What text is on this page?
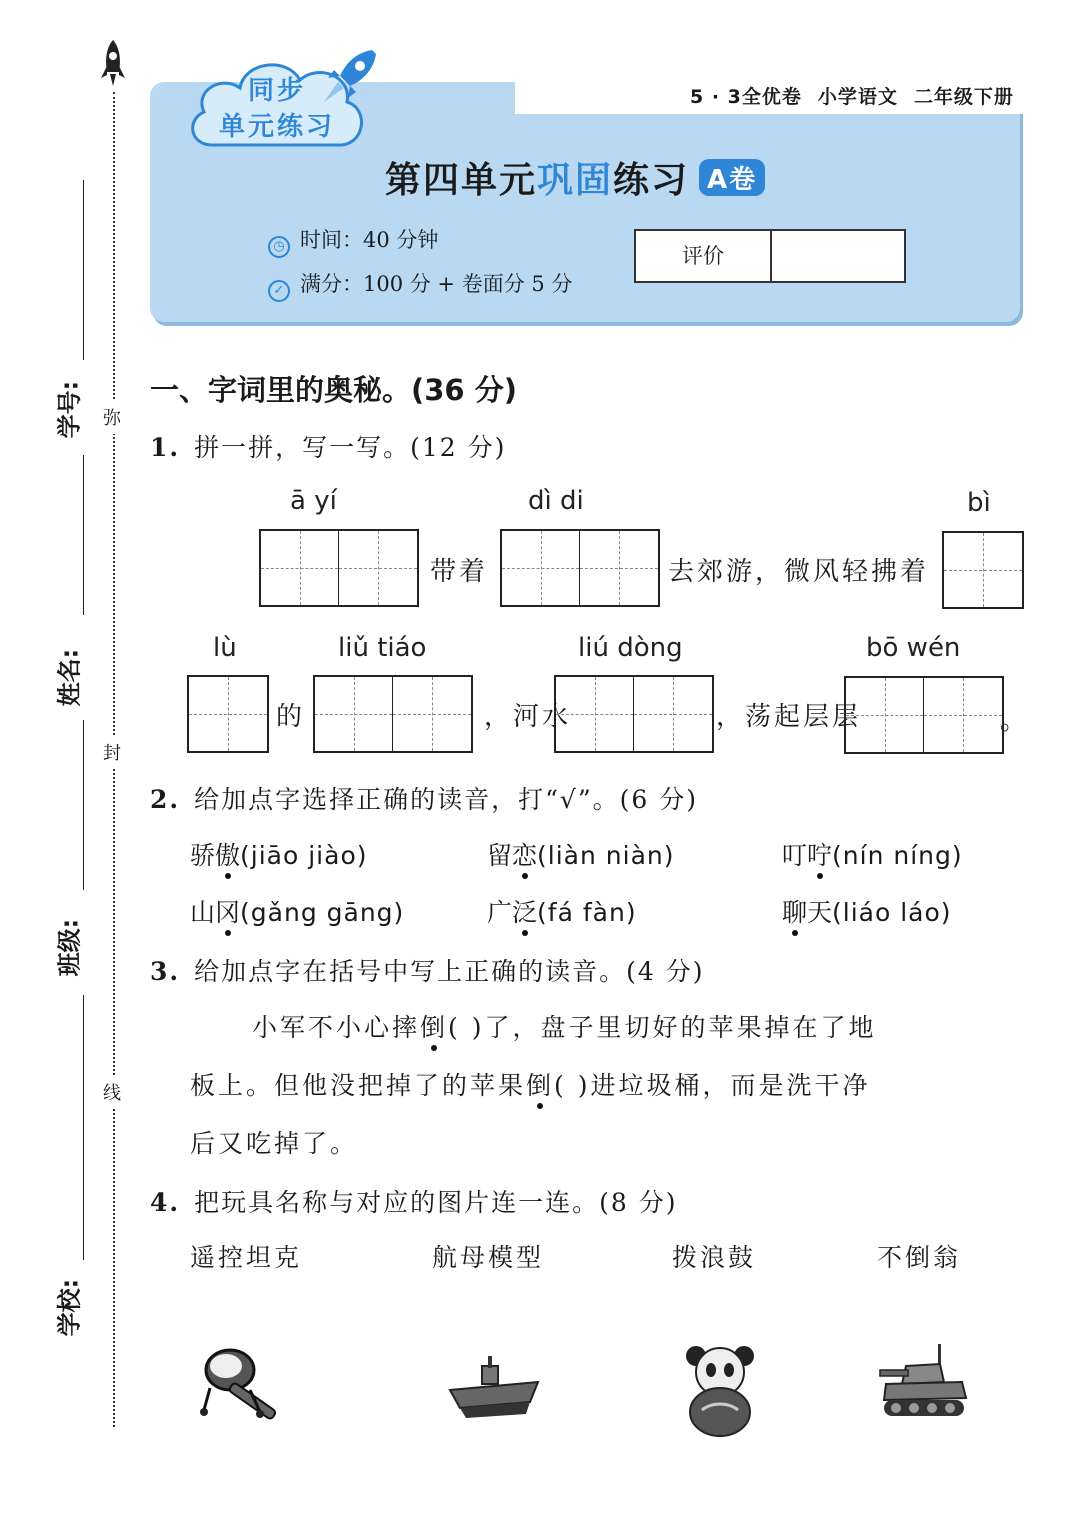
弥
封
线
学号:
姓名:
班级:
学校:
5 · 3全优卷 小学语文 二年级下册
同步
单元练习
第四单元巩固练习 A卷
◷ 时间：40 分钟
✓ 满分：100 分 + 卷面分 5 分
评价
一、字词里的奥秘。(36 分)
1. 拼一拼，写一写。(12 分)
ā yí
带着
dì di
去郊游，微风轻拂着
bì
lù
的
liǔ tiáo
，河水
liú dòng
，荡起层层
bō wén
。
2. 给加点字选择正确的读音，打“√”。(6 分)
骄傲(jiāo jiào)	留恋(liàn niàn)	叮咛(nín níng)
山冈(gǎng gāng)	广泛(fá fàn)	聊天(liáo láo)
3. 给加点字在括号中写上正确的读音。(4 分)
小军不小心摔倒( )了，盘子里切好的苹果掉在了地
板上。但他没把掉了的苹果倒( )进垃圾桶，而是洗干净
后又吃掉了。
4. 把玩具名称与对应的图片连一连。(8 分)
遥控坦克	航母模型	拨浪鼓	不倒翁
